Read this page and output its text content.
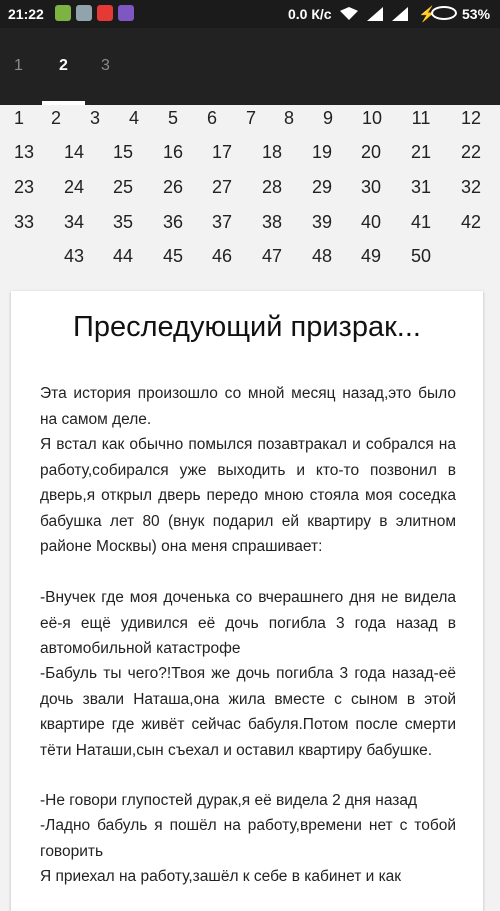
21:22	0.0 К/с	⚡ 53%
1 2 3
1	2	3	4	5	6	7	8	9	10	11	12
13	14	15	16	17	18	19	20	21	22
23	24	25	26	27	28	29	30	31	32
33	34	35	36	37	38	39	40	41	42
43	44	45	46	47	48	49	50
Преследующий призрак...

Эта история произошло со мной месяц назад,это было на самом деле.

Я встал как обычно помылся позавтракал и собрался на работу,собирался уже выходить и кто-то позвонил в дверь,я открыл дверь передо мною стояла моя соседка бабушка лет 80 (внук подарил ей квартиру в элитном районе Москвы) она меня спрашивает:

-Внучек где моя доченька со вчерашнего дня не видела её-я ещё удивился её дочь погибла 3 года назад в автомобильной катастрофе

-Бабуль ты чего?!Твоя же дочь погибла 3 года назад-её дочь звали Наташа,она жила вместе с сыном в этой квартире где живёт сейчас бабуля.Потом после смерти тёти Наташи,сын съехал и оставил квартиру бабушке.

-Не говори глупостей дурак,я её видела 2 дня назад

-Ладно бабуль я пошёл на работу,времени нет с тобой говорить

Я приехал на работу,зашёл к себе в кабинет и как
